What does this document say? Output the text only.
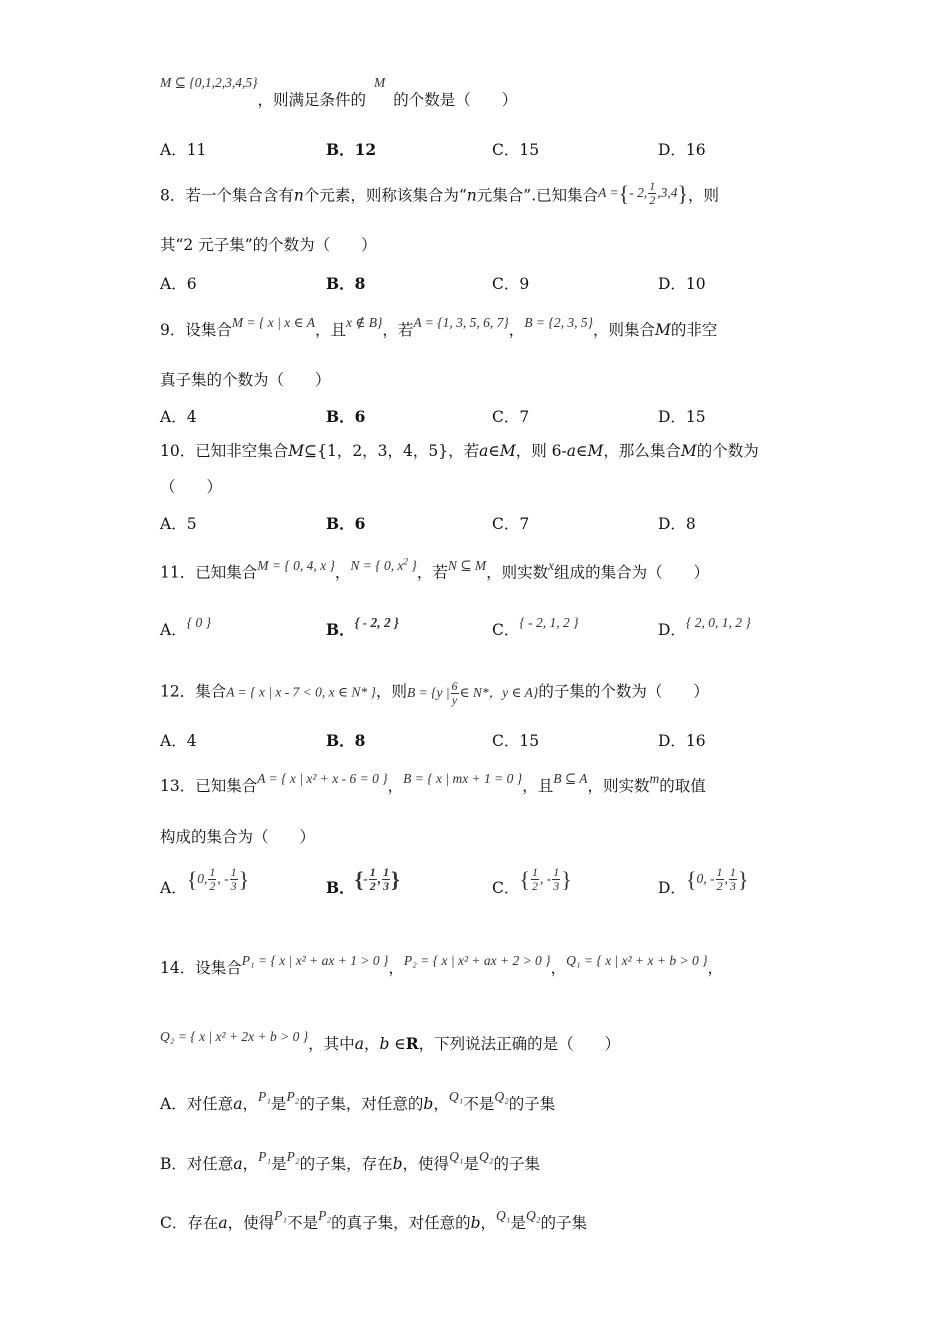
M ⊆ {0,1,2,3,4,5}，则满足条件的M的个数是（　　）
A．11	B．12	C．15	D．16
8．若一个集合含有n个元素，则称该集合为“n元集合”.已知集合A ={- 2, $\frac{1}{2} ,3,4$}，则
其“2 元子集”的个数为（　　）
A．6	B．8	C．9	D．10
9．设集合M = { x | x ∈ A，且x ∉ B}，若A = {1, 3, 5, 6, 7}，B = {2, 3, 5}，则集合M的非空
真子集的个数为（　　）
A．4	B．6	C．7	D．15
10．已知非空集合M⊆{1，2，3，4，5}，若a∈M，则 6-a∈M，那么集合M的个数为
（　　）
A．5	B．6	C．7	D．8
11．已知集合M = { 0, 4, x }，N = { 0, $x^2$ }，若N ⊆ M，则实数x组成的集合为（　　）
A．{ 0 }	B．{ - 2, 2 }	C．{ - 2, 1, 2 }	D．{ 2, 0, 1, 2 }
12．集合A = { x | x - 7 < 0, x ∈ N* }，则B = {y | $\frac{6}{y}$ ∈ N*，y ∈ A}的子集的个数为（　　）
A．4	B．8	C．15	D．16
13．已知集合A = { x | x² + x - 6 = 0 }，B = { x | mx + 1 = 0 }，且B ⊆ A，则实数m的取值
构成的集合为（　　）
A．{0, $\frac{1}{2}$ , - $\frac{1}{3}$ }	B．{- $\frac{1}{2}$ , $\frac{1}{3}$ }	C．{ $\frac{1}{2}$ , - $\frac{1}{3}$ }	D．{0, - $\frac{1}{2}$ , $\frac{1}{3}$ }
14．设集合P₁ = { x | x² + ax + 1 > 0 }，P₂ = { x | x² + ax + 2 > 0 }，Q₁ = { x | x² + x + b > 0 }，
Q₂ = { x | x² + 2x + b > 0 }，其中a，b ∈R，下列说法正确的是（　　）
A．对任意a，P₁是P₂的子集，对任意的b，Q₁不是Q₂的子集
B．对任意a，P₁是P₂的子集，存在b，使得Q₁是Q₂的子集
C．存在a，使得P₁不是P₂的真子集，对任意的b，Q₁是Q₂的子集
